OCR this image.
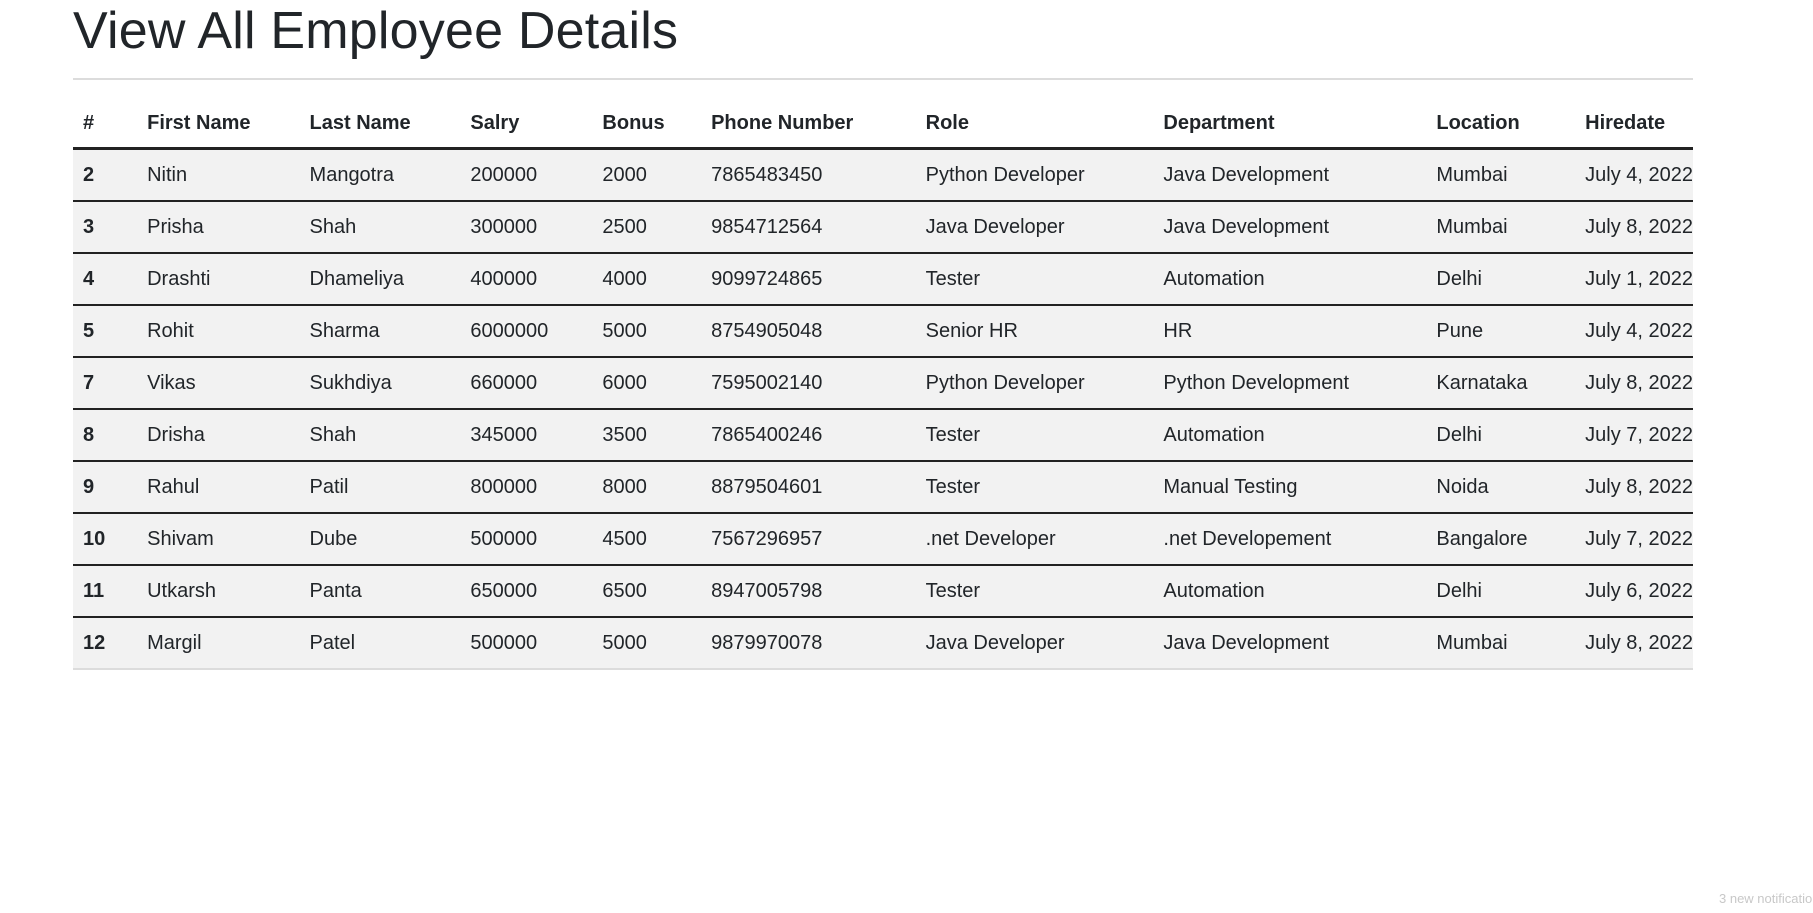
View All Employee Details
#	First Name	Last Name	Salry	Bonus	Phone Number	Role	Department	Location	Hiredate
2	Nitin	Mangotra	200000	2000	7865483450	Python Developer	Java Development	Mumbai	July 4, 2022
3	Prisha	Shah	300000	2500	9854712564	Java Developer	Java Development	Mumbai	July 8, 2022
4	Drashti	Dhameliya	400000	4000	9099724865	Tester	Automation	Delhi	July 1, 2022
5	Rohit	Sharma	6000000	5000	8754905048	Senior HR	HR	Pune	July 4, 2022
7	Vikas	Sukhdiya	660000	6000	7595002140	Python Developer	Python Development	Karnataka	July 8, 2022
8	Drisha	Shah	345000	3500	7865400246	Tester	Automation	Delhi	July 7, 2022
9	Rahul	Patil	800000	8000	8879504601	Tester	Manual Testing	Noida	July 8, 2022
10	Shivam	Dube	500000	4500	7567296957	.net Developer	.net Developement	Bangalore	July 7, 2022
11	Utkarsh	Panta	650000	6500	8947005798	Tester	Automation	Delhi	July 6, 2022
12	Margil	Patel	500000	5000	9879970078	Java Developer	Java Development	Mumbai	July 8, 2022
3 new notificatio
